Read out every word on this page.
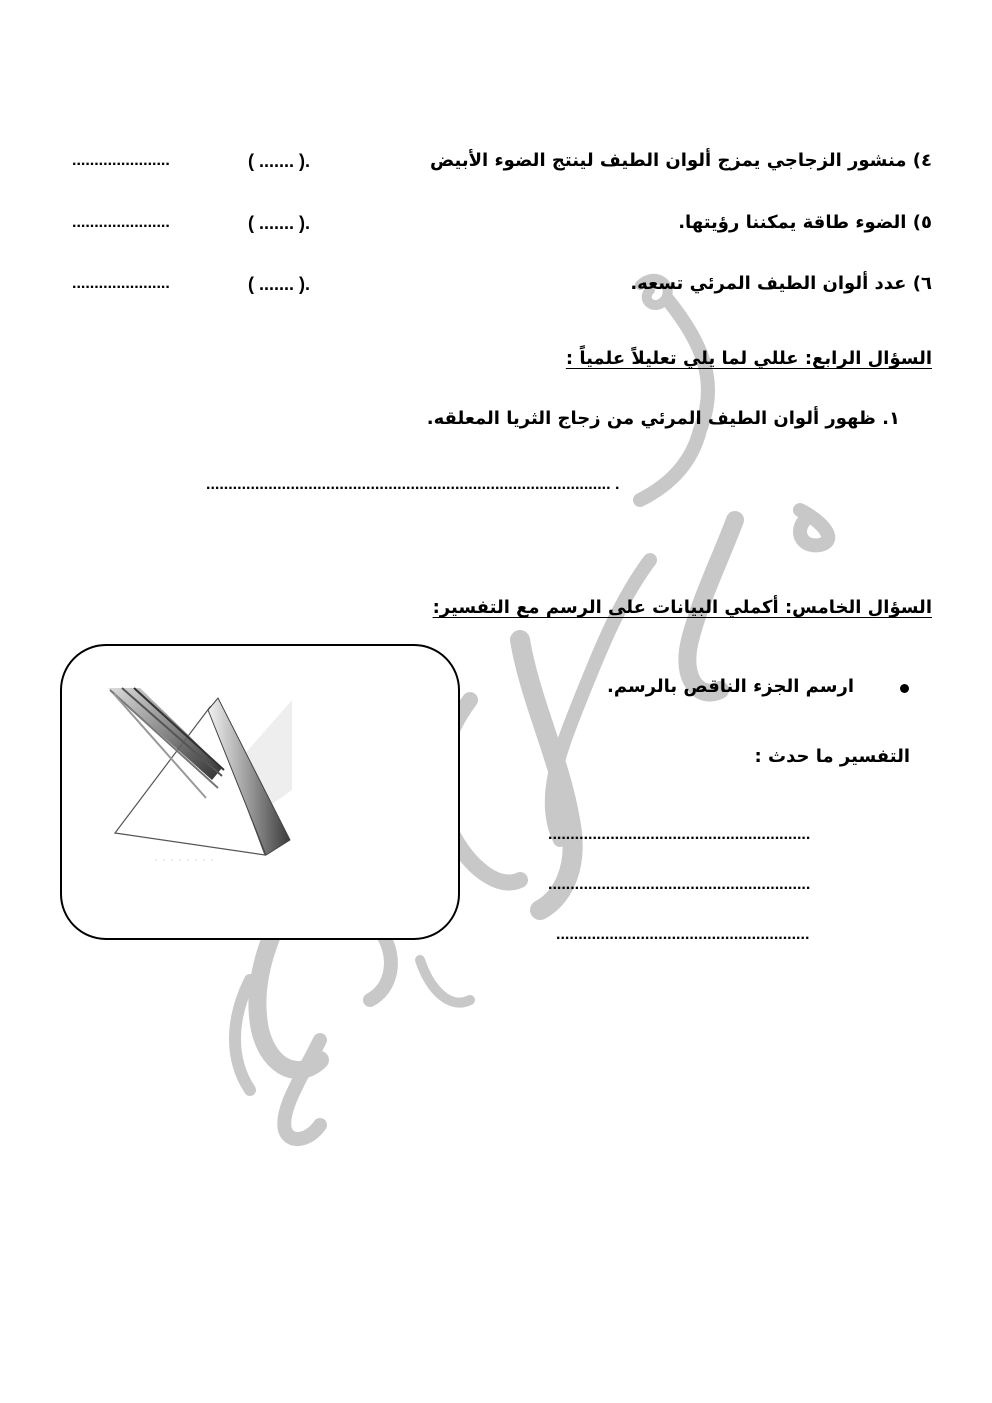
٤) منشور الزجاجي يمزج ألوان الطيف لينتج الضوء الأبيض
( ....... ).
......................
٥) الضوء طاقة يمكننا رؤيتها.
( ....... ).
......................
٦) عدد ألوان الطيف المرئي تسعه.
( ....... ).
......................
السؤال الرابع: عللي لما يلي تعليلاً علمياً :
١. ظهور ألوان الطيف المرئي من زجاج الثريا المعلقه.
........................................................................................... .
السؤال الخامس: أكملي البيانات على الرسم مع التفسير:
ارسم الجزء الناقص بالرسم.
التفسير ما حدث :
...........................................................
...........................................................
.........................................................
